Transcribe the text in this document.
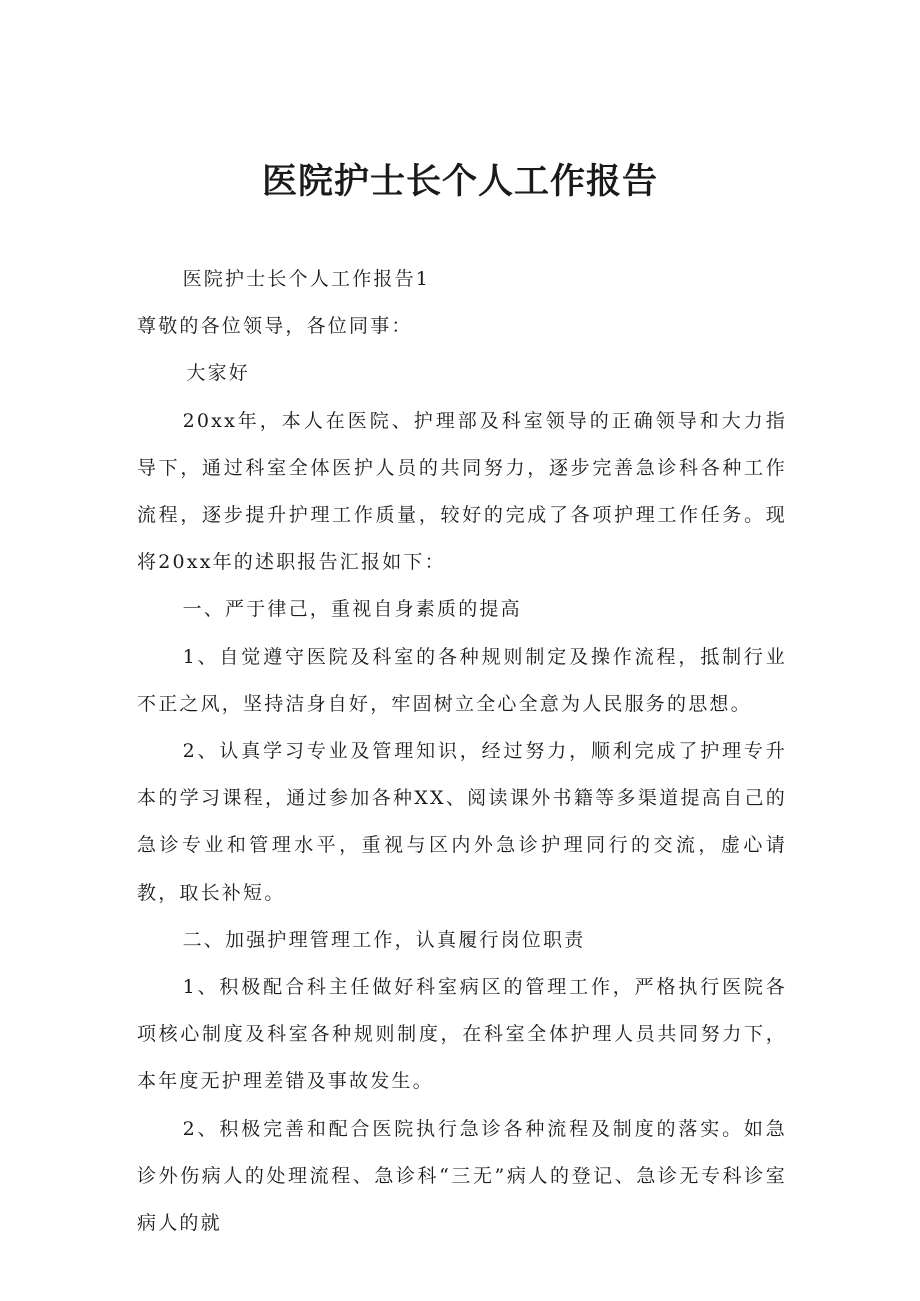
医院护士长个人工作报告

医院护士长个人工作报告1

尊敬的各位领导，各位同事：

大家好

20xx年，本人在医院、护理部及科室领导的正确领导和大力指导下，通过科室全体医护人员的共同努力，逐步完善急诊科各种工作流程，逐步提升护理工作质量，较好的完成了各项护理工作任务。现将20xx年的述职报告汇报如下：

一、严于律己，重视自身素质的提高

1、自觉遵守医院及科室的各种规则制定及操作流程，抵制行业不正之风，坚持洁身自好，牢固树立全心全意为人民服务的思想。

2、认真学习专业及管理知识，经过努力，顺利完成了护理专升本的学习课程，通过参加各种XX、阅读课外书籍等多渠道提高自己的急诊专业和管理水平，重视与区内外急诊护理同行的交流，虚心请教，取长补短。

二、加强护理管理工作，认真履行岗位职责

1、积极配合科主任做好科室病区的管理工作，严格执行医院各项核心制度及科室各种规则制度，在科室全体护理人员共同努力下，本年度无护理差错及事故发生。

2、积极完善和配合医院执行急诊各种流程及制度的落实。如急诊外伤病人的处理流程、急诊科“三无”病人的登记、急诊无专科诊室病人的就
